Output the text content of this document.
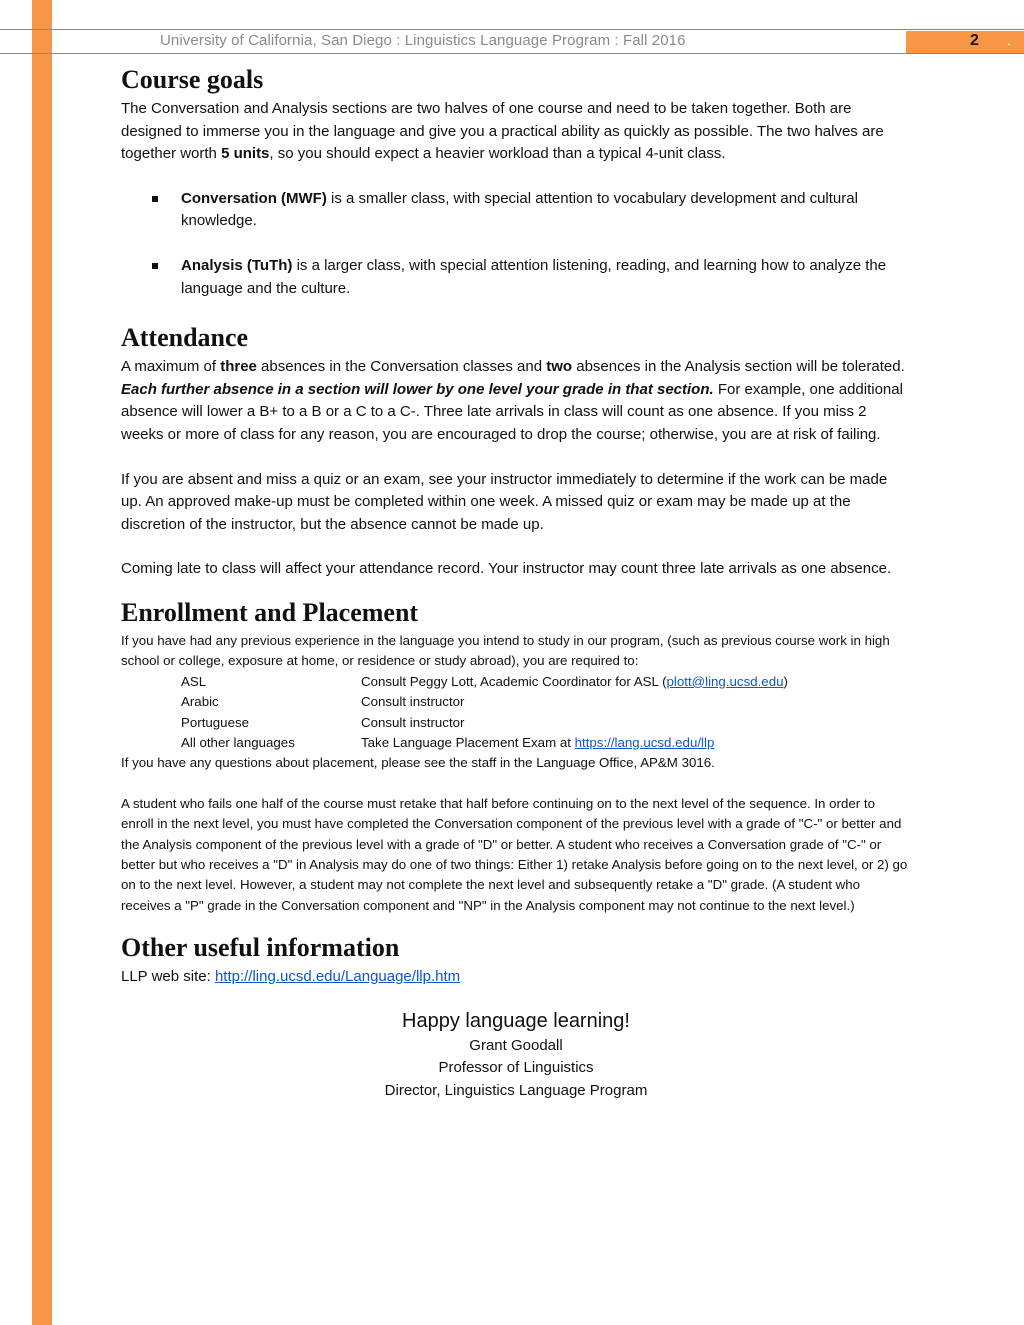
University of California, San Diego : Linguistics Language Program : Fall 2016	2 .
Course goals

The Conversation and Analysis sections are two halves of one course and need to be taken together. Both are designed to immerse you in the language and give you a practical ability as quickly as possible. The two halves are together worth 5 units, so you should expect a heavier workload than a typical 4-unit class.

Conversation (MWF) is a smaller class, with special attention to vocabulary development and cultural knowledge.
Analysis (TuTh) is a larger class, with special attention listening, reading, and learning how to analyze the language and the culture.
Attendance

A maximum of three absences in the Conversation classes and two absences in the Analysis section will be tolerated. Each further absence in a section will lower by one level your grade in that section. For example, one additional absence will lower a B+ to a B or a C to a C-. Three late arrivals in class will count as one absence. If you miss 2 weeks or more of class for any reason, you are encouraged to drop the course; otherwise, you are at risk of failing.

If you are absent and miss a quiz or an exam, see your instructor immediately to determine if the work can be made up. An approved make-up must be completed within one week. A missed quiz or exam may be made up at the discretion of the instructor, but the absence cannot be made up.

Coming late to class will affect your attendance record. Your instructor may count three late arrivals as one absence.

Enrollment and Placement

If you have had any previous experience in the language you intend to study in our program, (such as previous course work in high school or college, exposure at home, or residence or study abroad), you are required to:

ASL	Consult Peggy Lott, Academic Coordinator for ASL (plott@ling.ucsd.edu)
Arabic	Consult instructor
Portuguese	Consult instructor
All other languages	Take Language Placement Exam at https://lang.ucsd.edu/llp

If you have any questions about placement, please see the staff in the Language Office, AP&M 3016.

A student who fails one half of the course must retake that half before continuing on to the next level of the sequence. In order to enroll in the next level, you must have completed the Conversation component of the previous level with a grade of "C-" or better and the Analysis component of the previous level with a grade of "D" or better. A student who receives a Conversation grade of "C-" or better but who receives a "D" in Analysis may do one of two things: Either 1) retake Analysis before going on to the next level, or 2) go on to the next level. However, a student may not complete the next level and subsequently retake a "D" grade. (A student who receives a "P" grade in the Conversation component and "NP" in the Analysis component may not continue to the next level.)

Other useful information

LLP web site: http://ling.ucsd.edu/Language/llp.htm

Happy language learning!
Grant Goodall
Professor of Linguistics
Director, Linguistics Language Program
